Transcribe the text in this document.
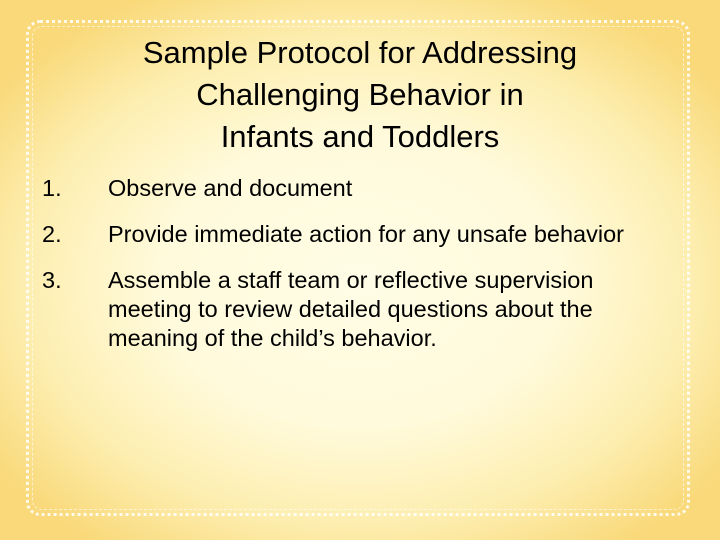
Sample Protocol for Addressing
Challenging Behavior in
Infants and Toddlers
1.	Observe and document
2.	Provide immediate action for any unsafe behavior
3.	Assemble a staff team or reflective supervision meeting to review detailed questions about the meaning of the child’s behavior.
